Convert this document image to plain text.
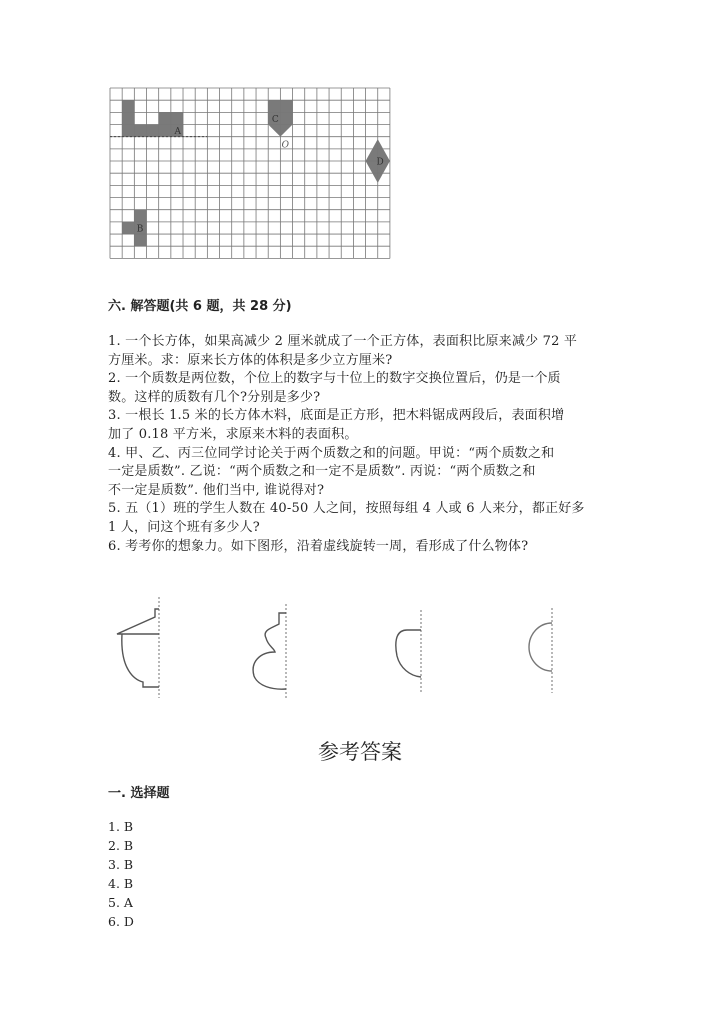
A
B
C
D
O
六. 解答题(共 6 题，共 28 分)
1. 一个长方体，如果高减少 2 厘米就成了一个正方体，表面积比原来减少 72 平
方厘米。求：原来长方体的体积是多少立方厘米?
2. 一个质数是两位数，个位上的数字与十位上的数字交换位置后，仍是一个质
数。这样的质数有几个?分别是多少?
3. 一根长 1.5 米的长方体木料，底面是正方形，把木料锯成两段后，表面积增
加了 0.18 平方米，求原来木料的表面积。
4. 甲、乙、丙三位同学讨论关于两个质数之和的问题。甲说：“两个质数之和
一定是质数”. 乙说：“两个质数之和一定不是质数”. 丙说：“两个质数之和
不一定是质数”. 他们当中, 谁说得对?
5. 五（1）班的学生人数在 40-50 人之间，按照每组 4 人或 6 人来分，都正好多
1 人，问这个班有多少人?
6. 考考你的想象力。如下图形，沿着虚线旋转一周，看形成了什么物体?
参考答案
一. 选择题
1. B
2. B
3. B
4. B
5. A
6. D
